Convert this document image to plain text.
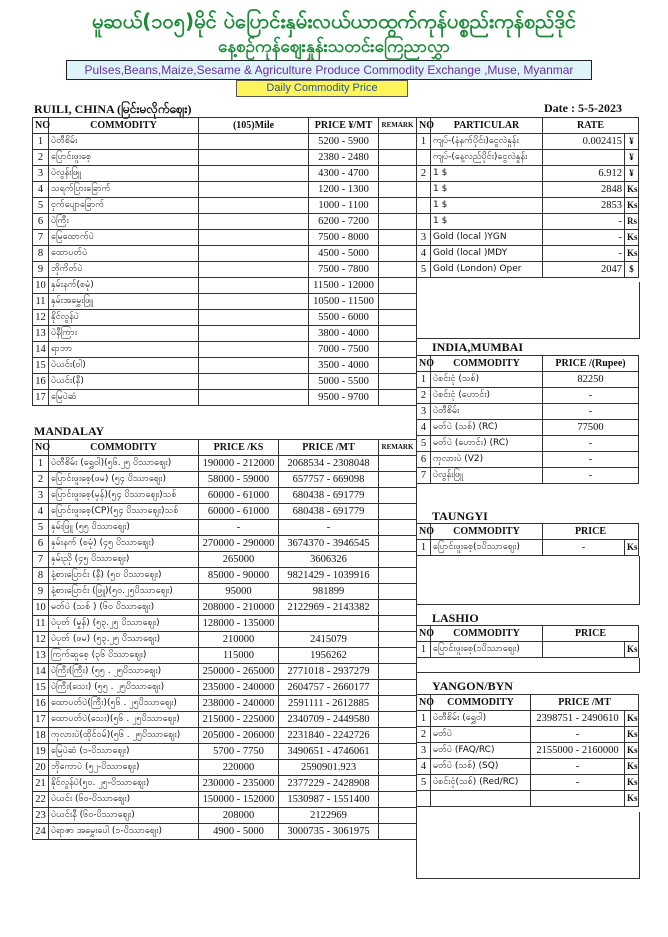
မူဆယ်(၁၀၅)မိုင် ပဲပြောင်းနှမ်းလယ်ယာထွက်ကုန်ပစ္စည်းကုန်စည်ဒိုင်
နေ့စဉ်ကုန်ဈေးနှုန်းသတင်းကြေညာလွှာ
Pulses,Beans,Maize,Sesame & Agriculture Produce Commodity Exchange ,Muse, Myanmar
Daily Commodity Price
RUILI, CHINA (မြင်းမလိုက်ဈေး)	Date : 5-5-2023
NO	COMMODITY	(105)Mile	PRICE ¥/MT	REMARK
1	ပဲတီစိမ်း		5200 - 5900	
2	ပြောင်းဖူးစေ့		2380 - 2480	
3	ပဲလွန်းဖြူ		4300 - 4700	
4	သရက်ပြားခြောက်		1200 - 1300	
5	ငှက်ပျောခြောက်		1000 - 1100	
6	ပဲကြီး		6200 - 7200	
7	မြေထောက်ပဲ		7500 - 8000	
8	ထောပတ်ပဲ		4500 - 5000	
9	ဘိုကိတ်ပဲ		7500 - 7800	
10	နှမ်းနက်(စမုံ)		11500 - 12000	
11	နှမ်းအမွှေးဖြူ		10500 - 11500	
12	နိုင်လွန်ပဲ		5500 - 6000	
13	ပဲနီကြား		3800 - 4000	
14	ရာဘာ		7000 - 7500	
15	ပဲယင်း(ဝါ)		3500 - 4000	
16	ပဲယင်း(နီ)		5000 - 5500	
17	မြေပဲဆံ		9500 - 9700	
NO	PARTICULAR	RATE	
1	ကျပ်-(နံနက်ပိုင်း)ငွေလဲနှုန်း	0.002415	¥
	ကျပ်-(နေ့လည်ပိုင်း)ငွေလဲနှုန်း		¥
2	1 $	6.912	¥
	1 $	2848	Ks
	1 $	2853	Ks
	1 $	-	Rs
3	Gold (local )YGN	-	Ks
4	Gold (local )MDY	-	Ks
5	Gold (London) Oper	2047	$
INDIA,MUMBAI
NO	COMMODITY	PRICE /(Rupee)
1	ပဲစင်းငုံ (သစ်)	82250
2	ပဲစင်းငုံ (ဟောင်း)	-
3	ပဲတီစိမ်း	-
4	မတ်ပဲ (သစ်) (RC)	77500
5	မတ်ပဲ (ဟောင်း) (RC)	-
6	ကုလားပဲ (V2)	-
7	ပဲလွန်းဖြူ	-
MANDALAY
NO	COMMODITY	PRICE /KS	PRICE /MT	REMARK
1	ပဲတီစိမ်း (ရွှေဝါ)(၅၆.၂၅ ပိဿာဈေး)	190000 - 212000	2068534 - 2308048	
2	ပြောင်းဖူးစေ့(ဖမ) (၅၄ ပိဿာဈေး)	58000 - 59000	657757 - 669098	
3	ပြောင်းဖူးစေ့(မှန်)(၅၄ ပိဿာဈေး)သစ်	60000 - 61000	680438 - 691779	
4	ပြောင်းဖူးစေ့(CP)(၅၄ ပိဿာဈေး)သစ်	60000 - 61000	680438 - 691779	
5	နှမ်းဖြူ (၅၅ ပိဿာဈေး)	-	-	
6	နှမ်းနက် (စမုံ) (၄၅ ပိဿာဈေး)	270000 - 290000	3674370 - 3946545	
7	နှမ်းညို (၄၅ ပိဿာဈေး)	265000	3606326	
8	နံ့စားပြောင်း (နီ) (၅၀ ပိဿာဈေး)	85000 - 90000	9821429 - 1039916	
9	နံ့စားပြောင်း (ဖြူ)(၅၀.၂၅ပိဿာဈေး)	95000	981899	
10	မတ်ပဲ (သစ် ) (၆၀ ပိဿာဈေး)	208000 - 210000	2122969 - 2143382	
11	ပဲပုတ် (မှုန်) (၅၃.၂၅ ပိဿာဈေး)	128000 - 135000		
12	ပဲပုတ် (ဖမ) (၅၃.၂၅ ပိဿာဈေး)	210000	2415079	
13	ကြက်ဆူစေ့ (၃၆ ပိဿာဈေး)	115000	1956262	
14	ပဲကြီး(ကြီး) (၅၅ . ၂၅ပိဿာဈေး)	250000 - 265000	2771018 - 2937279	
15	ပဲကြီး(သေး) (၅၅ . ၂၅ပိဿာဈေး)	235000 - 240000	2604757 - 2660177	
16	ထောပတ်ပဲ(ကြီး)(၅၆ . ၂၅ပိဿာဈေး)	238000 - 240000	2591111 - 2612885	
17	ထောပတ်ပဲ(သေး)(၅၆ . ၂၅ပိဿာဈေး)	215000 - 225000	2340709 - 2449580	
18	ကုလားပဲ(ထိုင်ဝမ်)(၅၆ . ၂၅ပိဿာဈေး)	205000 - 206000	2231840 - 2242726	
19	မြေပဲဆံ (၁-ပိဿာဈေး)	5700 - 7750	3490651 - 4746061	
20	ဘိုကောပဲ (၅၂-ပိဿာဈေး)	220000	2590901.923	
21	နိုင်လွန်ပဲ(၅၀. ၂၅-ပိဿာဈေး)	230000 - 235000	2377229 - 2428908	
22	ပဲယင်း (၆၀-ပိဿာဈေး)	150000 - 152000	1530987 - 1551400	
23	ပဲယင်းနီ (၆၀-ပိဿာဈေး)	208000	2122969	
24	ပဲရာဇာ အမွှေးပေါ (၁-ပိဿာဈေး)	4900 - 5000	3000735 - 3061975	
TAUNGYI
NO	COMMODITY	PRICE	
1	ပြောင်းဖူးစေ့(၁ပိဿာဈေး)	-	Ks
LASHIO
NO	COMMODITY	PRICE	
1	ပြောင်းဖူးစေ့(၁ပိဿာဈေး)		Ks
YANGON/BYN
NO	COMMODITY	PRICE /MT	
1	ပဲတီစိမ်း (ရွှေဝါ)	2398751 - 2490610	Ks
2	မတ်ပဲ	-	Ks
3	မတ်ပဲ (FAQ/RC)	2155000 - 2160000	Ks
4	မတ်ပဲ (သစ်) (SQ)	-	Ks
5	ပဲစင်းငုံ(သစ်) (Red/RC)	-	Ks
			Ks
